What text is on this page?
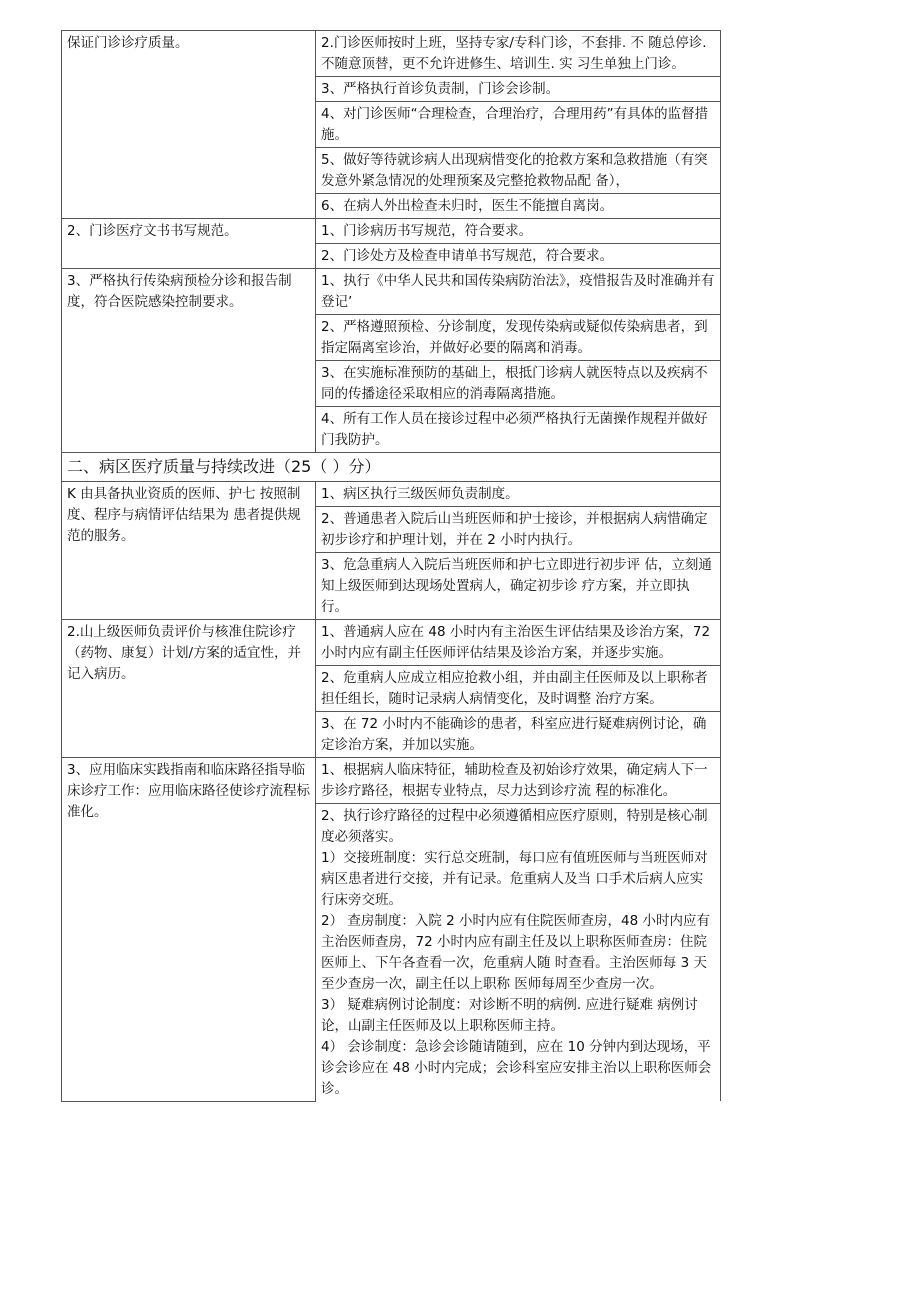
保证门诊诊疗质量。	2.门诊医师按时上班，坚持专家/专科门诊，不套排. 不 随总停诊. 不随意顶替，更不允许进修生、培训生. 实 习生单独上门诊。
	3、严格执行首诊负责制，门诊会诊制。
	4、对门诊医师“合理检查，合理治疗，合理用药”有具体的监督措施。
	5、做好等待就诊病人出现病惜变化的抢救方案和急救措施（有突发意外紧急情况的处理预案及完整抢救物品配 备），
	6、在病人外出检查未归时，医生不能擅自离岗。
2、门诊医疗文书书写规范。	1、门诊病历书写规范，符合要求。
	2、门诊处方及检查申请单书写规范，符合要求。
3、严格执行传染病预检分诊和报告制度，符合医院感染控制要求。	1、执行《中华人民共和国传染病防治法》，疫惜报告及时准确并有登记’
	2、严格遵照预检、分诊制度，发现传染病或疑似传染病患者，到指定隔离室诊治，并做好必要的隔离和消毒。
	3、在实施标准预防的基础上，根抵门诊病人就医特点以及疾病不同的传播途径采取相应的消毒隔离措施。
	4、所有工作人员在接诊过程中必须严格执行无菌操作规程并做好门我防护。
二、病区医疗质量与持续改进（25（ ）分）	
K 由具备执业资质的医师、护七 按照制度、程序与病情评估结果为 患者提供规范的服务。	1、病区执行三级医师负责制度。
	2、普通患者入院后山当班医师和护士接诊，并根据病人病惜确定初步诊疗和护理计划，并在 2 小时内执行。
	3、危急重病人入院后当班医师和护七立即进行初步评 估，立刻通知上级医师到达现场处置病人，确定初步诊 疗方案，并立即执行。
2.山上级医师负责评价与核准住院诊疗（药物、康复）计划/方案的适宜性，并记入病历。	1、普通病人应在 48 小时内有主治医生评估结果及诊治方案，72 小时内应有副主任医师评估结果及诊治方案，并逐步实施。
	2、危重病人应成立相应抢救小组，并由副主任医师及以上职称者担任组长，随时记录病人病情变化，及时调整 治疗方案。
	3、在 72 小时内不能确诊的患者，科室应进行疑难病例讨论，确定诊治方案，并加以实施。
3、应用临床实践指南和临床路径指导临床诊疗工作：应用临床路径使诊疗流程标准化。	1、根据病人临床特征，辅助检查及初始诊疗效果，确定病人下一步诊疗路径，根据专业特点，尽力达到诊疗流 程的标准化。

	2、执行诊疗路径的过程中必须遵循相应医疗原则，特别是核心制度必须落实。
1）交接班制度：实行总交班制，每口应有值班医师与当班医师对病区患者进行交接，并有记录。危重病人及当 口手术后病人应实行床旁交班。
2） 查房制度：入院 2 小时内应有住院医师查房，48 小时内应有主治医师查房，72 小时内应有副主任及以上职称医师查房：住院医师上、下午各查看一次，危重病人随 时查看。主治医师每 3 天至少查房一次，副主任以上职称 医师每周至少查房一次。
3） 疑难病例讨论制度：对诊断不明的病例. 应进行疑难 病例讨论，山副主任医师及以上职称医师主持。
4） 会诊制度：急诊会诊随请随到，应在 10 分钟内到达现场，平诊会诊应在 48 小时内完成；会诊科室应安排主治以上职称医师会诊。
